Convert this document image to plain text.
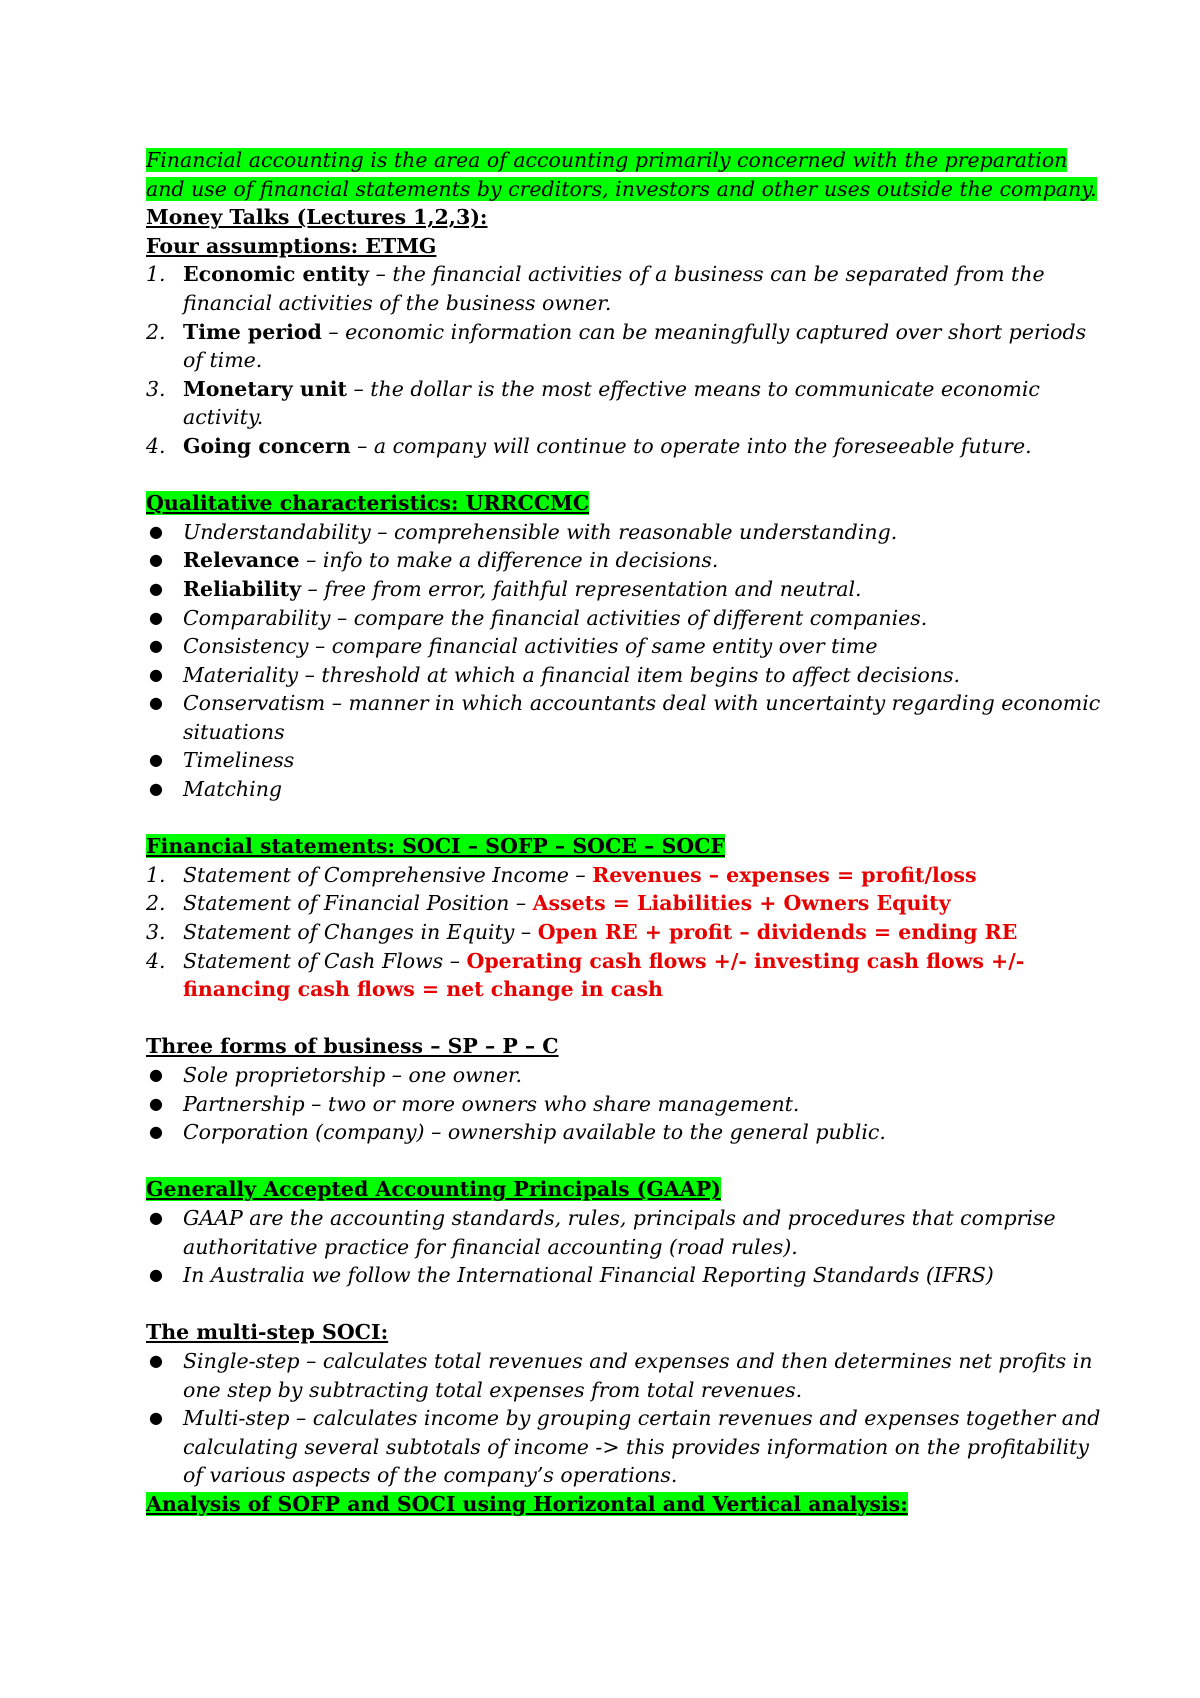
Financial accounting is the area of accounting primarily concerned with the preparation
and use of financial statements by creditors, investors and other uses outside the company.

Money Talks (Lectures 1,2,3):

Four assumptions: ETMG

1. Economic entity – the financial activities of a business can be separated from the financial activities of the business owner.
2. Time period – economic information can be meaningfully captured over short periods of time.
3. Monetary unit – the dollar is the most effective means to communicate economic activity.
4. Going concern – a company will continue to operate into the foreseeable future.

Qualitative characteristics: URRCCMC

● Understandability – comprehensible with reasonable understanding.
● Relevance – info to make a difference in decisions.
● Reliability – free from error, faithful representation and neutral.
● Comparability – compare the financial activities of different companies.
● Consistency – compare financial activities of same entity over time
● Materiality – threshold at which a financial item begins to affect decisions.
● Conservatism – manner in which accountants deal with uncertainty regarding economic situations
● Timeliness
● Matching

Financial statements: SOCI – SOFP – SOCE – SOCF

1. Statement of Comprehensive Income – Revenues – expenses = profit/loss
2. Statement of Financial Position – Assets = Liabilities + Owners Equity
3. Statement of Changes in Equity – Open RE + profit – dividends = ending RE
4. Statement of Cash Flows – Operating cash flows +/- investing cash flows +/- financing cash flows = net change in cash

Three forms of business – SP – P – C

● Sole proprietorship – one owner.
● Partnership – two or more owners who share management.
● Corporation (company) – ownership available to the general public.

Generally Accepted Accounting Principals (GAAP)

● GAAP are the accounting standards, rules, principals and procedures that comprise authoritative practice for financial accounting (road rules).
● In Australia we follow the International Financial Reporting Standards (IFRS)

The multi-step SOCI:

● Single-step – calculates total revenues and expenses and then determines net profits in one step by subtracting total expenses from total revenues.
● Multi-step – calculates income by grouping certain revenues and expenses together and calculating several subtotals of income -> this provides information on the profitability of various aspects of the company’s operations.

Analysis of SOFP and SOCI using Horizontal and Vertical analysis:
